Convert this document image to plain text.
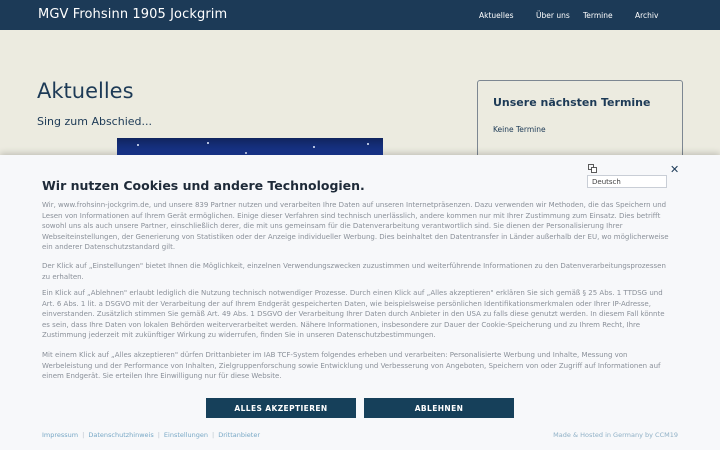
MGV Frohsinn 1905 Jockgrim	Aktuelles	Über uns Termine	Archiv
Aktuelles
Sing zum Abschied...
Unsere nächsten Termine
Keine Termine
Wir nutzen Cookies und andere Technologien.	Deutsch
✕

Wir, www.frohsinn-jockgrim.de, und unsere 839 Partner nutzen und verarbeiten Ihre Daten auf unseren Internetpräsenzen. Dazu verwenden wir Methoden, die das Speichern und Lesen von Informationen auf Ihrem Gerät ermöglichen. Einige dieser Verfahren sind technisch unerlässlich, andere kommen nur mit Ihrer Zustimmung zum Einsatz. Dies betrifft sowohl uns als auch unsere Partner, einschließlich derer, die mit uns gemeinsam für die Datenverarbeitung verantwortlich sind. Sie dienen der Personalisierung Ihrer Webseiteinstellungen, der Generierung von Statistiken oder der Anzeige individueller Werbung. Dies beinhaltet den Datentransfer in Länder außerhalb der EU, wo möglicherweise ein anderer Datenschutzstandard gilt.

Der Klick auf „Einstellungen" bietet Ihnen die Möglichkeit, einzelnen Verwendungszwecken zuzustimmen und weiterführende Informationen zu den Datenverarbeitungsprozessen zu erhalten.

Ein Klick auf „Ablehnen" erlaubt lediglich die Nutzung technisch notwendiger Prozesse. Durch einen Klick auf „Alles akzeptieren" erklären Sie sich gemäß § 25 Abs. 1 TTDSG und Art. 6 Abs. 1 lit. a DSGVO mit der Verarbeitung der auf Ihrem Endgerät gespeicherten Daten, wie beispielsweise persönlichen Identifikationsmerkmalen oder Ihrer IP-Adresse, einverstanden. Zusätzlich stimmen Sie gemäß Art. 49 Abs. 1 DSGVO der Verarbeitung Ihrer Daten durch Anbieter in den USA zu falls diese genutzt werden. In diesem Fall könnte es sein, dass Ihre Daten von lokalen Behörden weiterverarbeitet werden. Nähere Informationen, insbesondere zur Dauer der Cookie-Speicherung und zu Ihrem Recht, Ihre Zustimmung jederzeit mit zukünftiger Wirkung zu widerrufen, finden Sie in unseren Datenschutzbestimmungen.

Mit einem Klick auf „Alles akzeptieren" dürfen Drittanbieter im IAB TCF-System folgendes erheben und verarbeiten: Personalisierte Werbung und Inhalte, Messung von Werbeleistung und der Performance von Inhalten, Zielgruppenforschung sowie Entwicklung und Verbesserung von Angeboten, Speichern von oder Zugriff auf Informationen auf einem Endgerät. Sie erteilen Ihre Einwilligung nur für diese Website.

ALLES AKZEPTIEREN	ABLEHNEN
Impressum | Datenschutzhinweis | Einstellungen | Drittanbieter	Made & Hosted in Germany by CCM19
